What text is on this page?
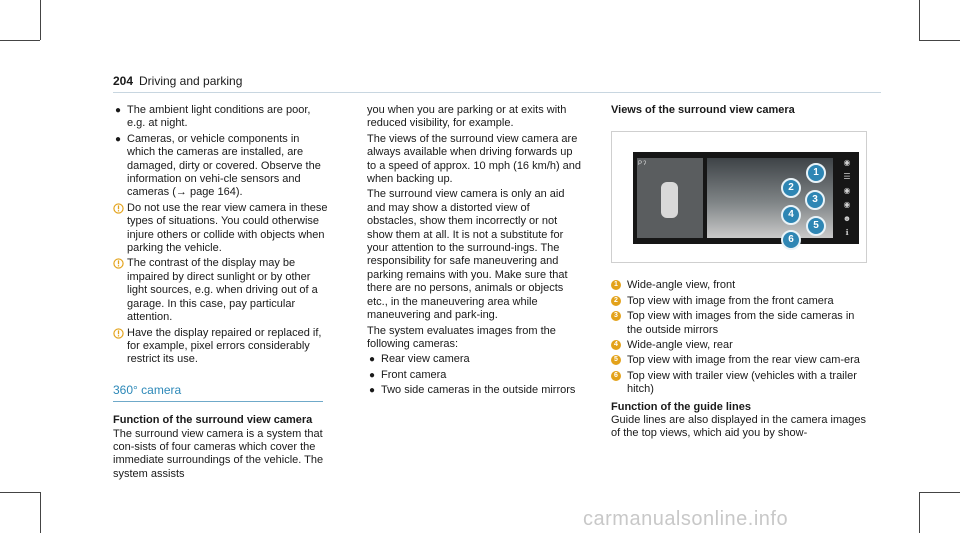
204 Driving and parking
● The ambient light conditions are poor, e.g. at night.
● Cameras, or vehicle components in which the cameras are installed, are damaged, dirty or covered. Observe the information on vehi-cle sensors and cameras (→ page 164).
Do not use the rear view camera in these types of situations. You could otherwise injure others or collide with objects when parking the vehicle.
The contrast of the display may be impaired by direct sunlight or by other light sources, e.g. when driving out of a garage. In this case, pay particular attention.
Have the display repaired or replaced if, for example, pixel errors considerably restrict its use.
360° camera
Function of the surround view camera

The surround view camera is a system that con-sists of four cameras which cover the immediate surroundings of the vehicle. The system assists

you when you are parking or at exits with reduced visibility, for example.

The views of the surround view camera are always available when driving forwards up to a speed of approx. 10 mph (16 km/h) and when backing up.

The surround view camera is only an aid and may show a distorted view of obstacles, show them incorrectly or not show them at all. It is not a substitute for your attention to the surround-ings. The responsibility for safe maneuvering and parking remains with you. Make sure that there are no persons, animals or objects etc., in the maneuvering area while maneuvering and park-ing.

The system evaluates images from the following cameras:

● Rear view camera
● Front camera
● Two side cameras in the outside mirrors
Views of the surround view camera
P ʔ	◉
☰
◉
◉
☻
ℹ
1
2
3
4
5
6
1 Wide-angle view, front
2 Top view with image from the front camera
3 Top view with images from the side cameras in the outside mirrors
4 Wide-angle view, rear
5 Top view with image from the rear view cam-era
6 Top view with trailer view (vehicles with a trailer hitch)
Function of the guide lines

Guide lines are also displayed in the camera images of the top views, which aid you by show-

carmanualsonline.info
